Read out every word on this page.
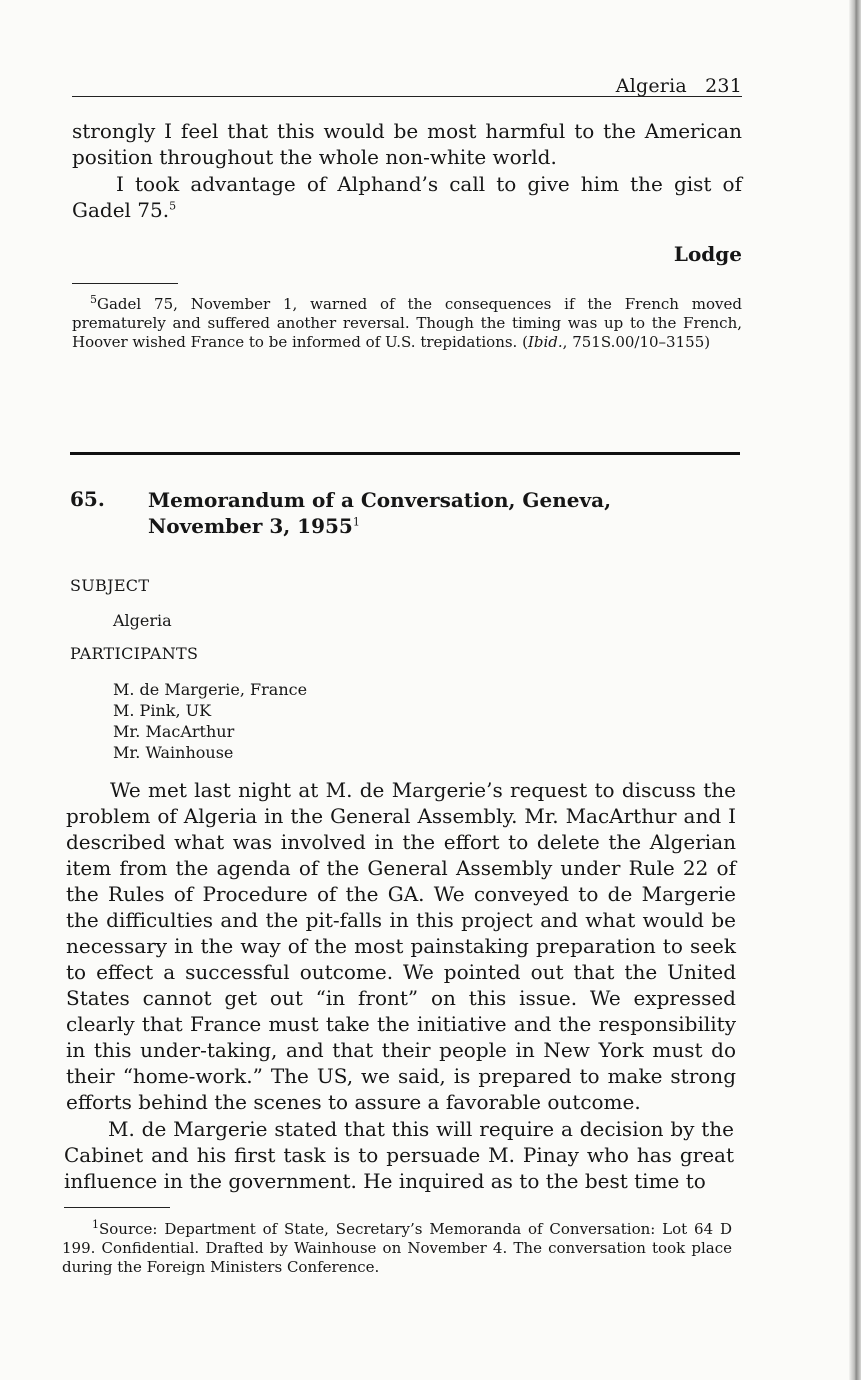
Algeria 231
strongly I feel that this would be most harmful to the American position throughout the whole non-white world.
I took advantage of Alphand’s call to give him the gist of Gadel 75.$^5$
Lodge
$^5$Gadel 75, November 1, warned of the consequences if the French moved prematurely and suffered another reversal. Though the timing was up to the French, Hoover wished France to be informed of U.S. trepidations. (Ibid., 751S.00/10–3155)
65. Memorandum of a Conversation, Geneva, November 3, 1955$^1$
SUBJECT
Algeria
PARTICIPANTS
M. de Margerie, France
M. Pink, UK
Mr. MacArthur
Mr. Wainhouse
We met last night at M. de Margerie’s request to discuss the problem of Algeria in the General Assembly. Mr. MacArthur and I described what was involved in the effort to delete the Algerian item from the agenda of the General Assembly under Rule 22 of the Rules of Procedure of the GA. We conveyed to de Margerie the difficulties and the pit-falls in this project and what would be necessary in the way of the most painstaking preparation to seek to effect a successful outcome. We pointed out that the United States cannot get out “in front” on this issue. We expressed clearly that France must take the initiative and the responsibility in this under-taking, and that their people in New York must do their “home-work.” The US, we said, is prepared to make strong efforts behind the scenes to assure a favorable outcome.
M. de Margerie stated that this will require a decision by the Cabinet and his first task is to persuade M. Pinay who has great influence in the government. He inquired as to the best time to
$^1$Source: Department of State, Secretary’s Memoranda of Conversation: Lot 64 D 199. Confidential. Drafted by Wainhouse on November 4. The conversation took place during the Foreign Ministers Conference.
